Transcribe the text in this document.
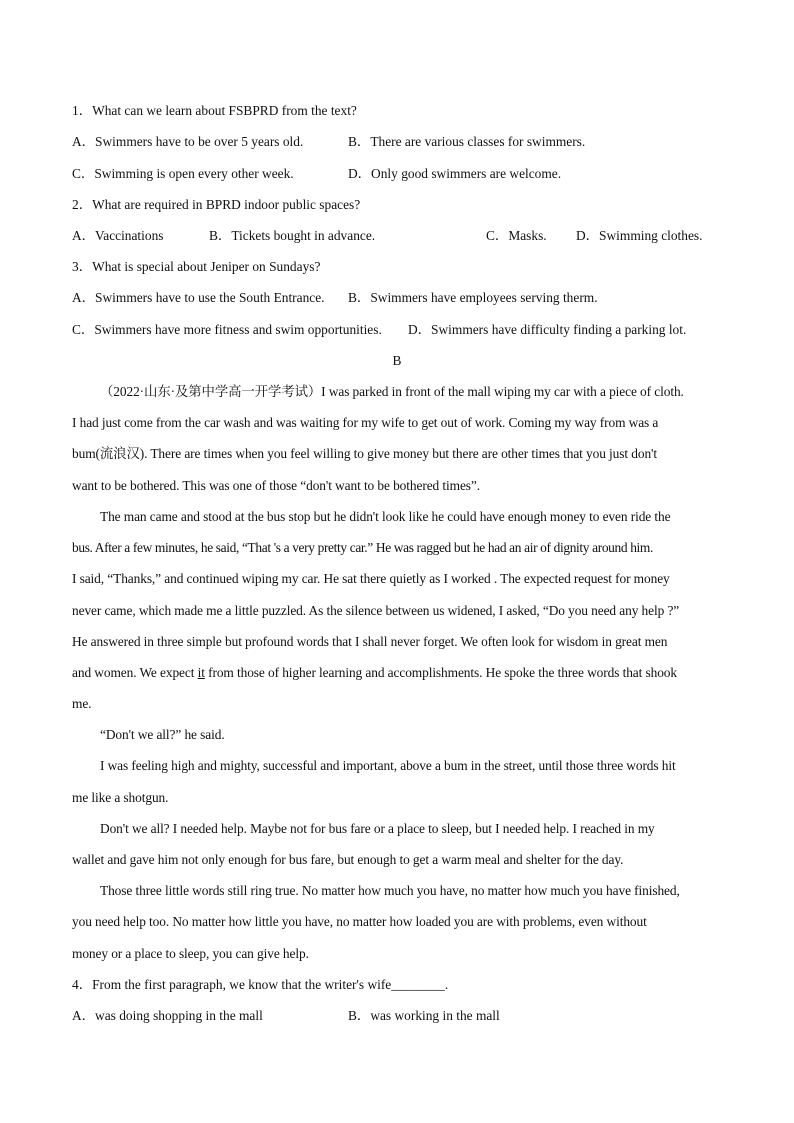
1．What can we learn about FSBPRD from the text?
A．Swimmers have to be over 5 years old.	B．There are various classes for swimmers.
C．Swimming is open every other week.	D．Only good swimmers are welcome.
2．What are required in BPRD indoor public spaces?
A．Vaccinations	B．Tickets bought in advance.	C．Masks. D．Swimming clothes.
3．What is special about Jeniper on Sundays?
A．Swimmers have to use the South Entrance. B．Swimmers have employees serving therm.
C．Swimmers have more fitness and swim opportunities. D．Swimmers have difficulty finding a parking lot.
B
（2022·山东·及第中学高一开学考试）I was parked in front of the mall wiping my car with a piece of cloth.
I had just come from the car wash and was waiting for my wife to get out of work. Coming my way from was a
bum(流浪汉). There are times when you feel willing to give money but there are other times that you just don't
want to be bothered. This was one of those “don't want to be bothered times”.
The man came and stood at the bus stop but he didn't look like he could have enough money to even ride the
bus. After a few minutes, he said, “That 's a very pretty car.” He was ragged but he had an air of dignity around him.
I said, “Thanks,” and continued wiping my car. He sat there quietly as I worked . The expected request for money
never came, which made me a little puzzled. As the silence between us widened, I asked, “Do you need any help ?”
He answered in three simple but profound words that I shall never forget. We often look for wisdom in great men
and women. We expect it from those of higher learning and accomplishments. He spoke the three words that shook
me.
“Don't we all?” he said.
I was feeling high and mighty, successful and important, above a bum in the street, until those three words hit
me like a shotgun.
Don't we all? I needed help. Maybe not for bus fare or a place to sleep, but I needed help. I reached in my
wallet and gave him not only enough for bus fare, but enough to get a warm meal and shelter for the day.
Those three little words still ring true. No matter how much you have, no matter how much you have finished,
you need help too. No matter how little you have, no matter how loaded you are with problems, even without
money or a place to sleep, you can give help.
4．From the first paragraph, we know that the writer's wife________.
A．was doing shopping in the mall	B．was working in the mall
